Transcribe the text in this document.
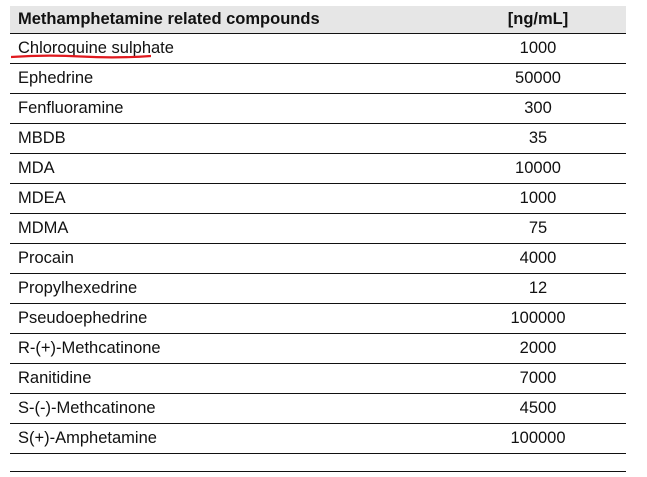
Methamphetamine related compounds	[ng/mL]
Chloroquine sulphate	1000
Ephedrine	50000
Fenfluoramine	300
MBDB	35
MDA	10000
MDEA	1000
MDMA	75
Procain	4000
Propylhexedrine	12
Pseudoephedrine	100000
R-(+)-Methcatinone	2000
Ranitidine	7000
S-(-)-Methcatinone	4500
S(+)-Amphetamine	100000
